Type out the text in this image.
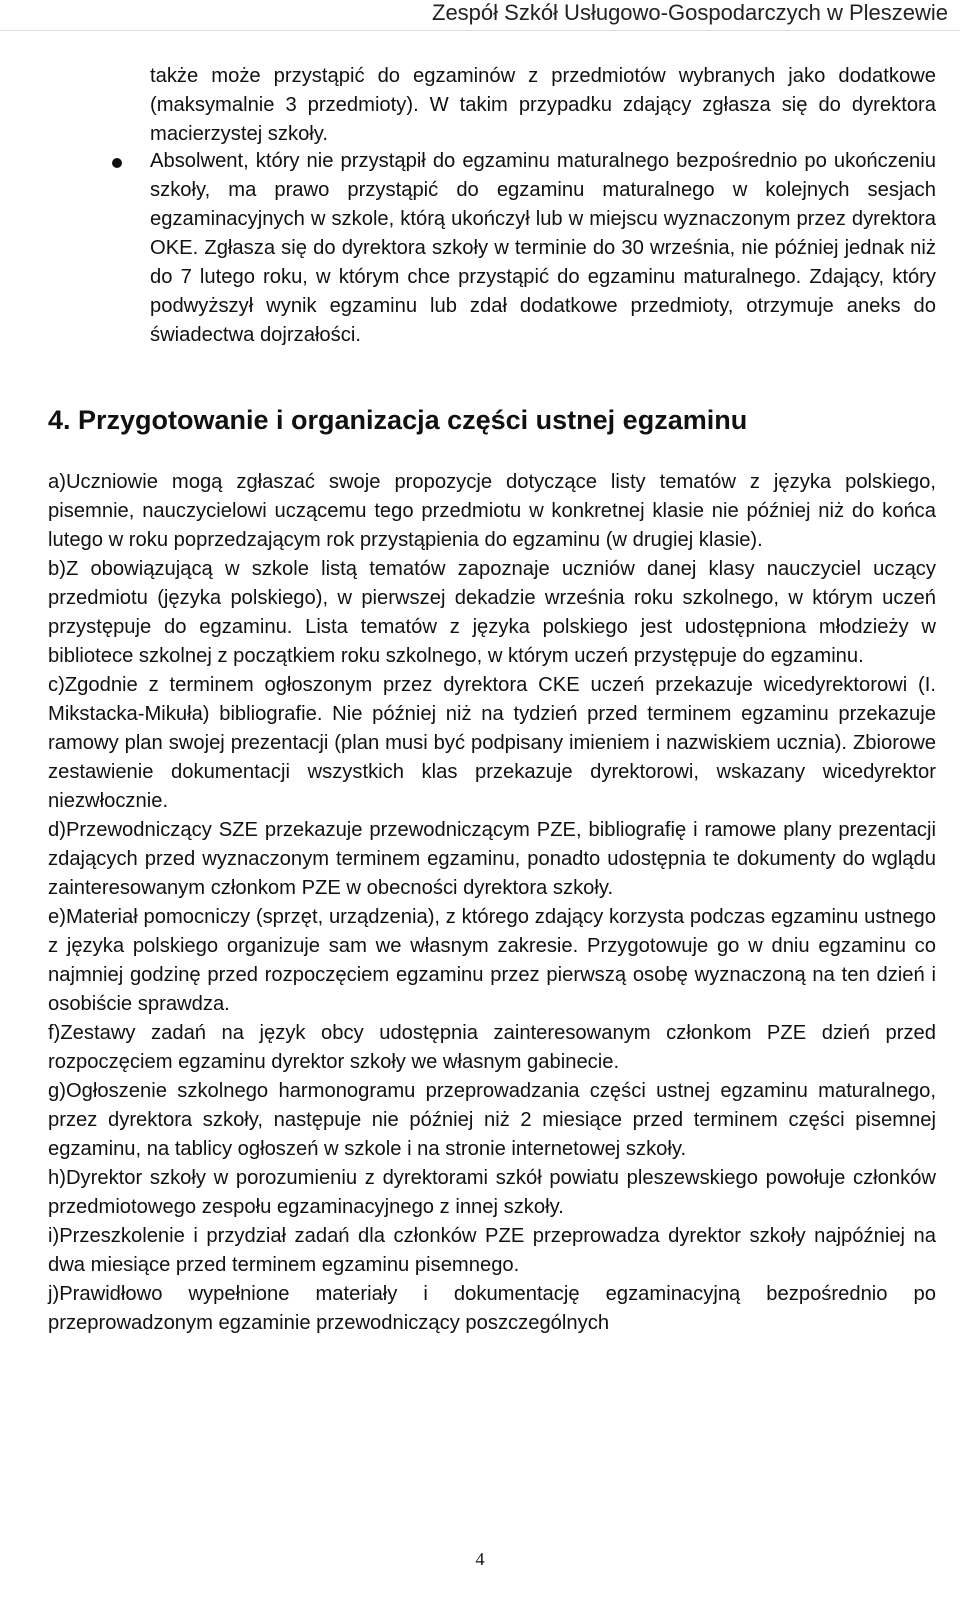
Zespół Szkół Usługowo-Gospodarczych w Pleszewie
także może przystąpić do egzaminów z przedmiotów wybranych jako dodatkowe (maksymalnie 3 przedmioty). W takim przypadku zdający zgłasza się do dyrektora macierzystej szkoły.
Absolwent, który nie przystąpił do egzaminu maturalnego bezpośrednio po ukończeniu szkoły, ma prawo przystąpić do egzaminu maturalnego w kolejnych sesjach egzaminacyjnych w szkole, którą ukończył lub w miejscu wyznaczonym przez dyrektora OKE. Zgłasza się do dyrektora szkoły w terminie do 30 września, nie później jednak niż do 7 lutego roku, w którym chce przystąpić do egzaminu maturalnego. Zdający, który podwyższył wynik egzaminu lub zdał dodatkowe przedmioty, otrzymuje aneks do świadectwa dojrzałości.
4. Przygotowanie i organizacja części ustnej egzaminu

a)Uczniowie mogą zgłaszać swoje propozycje dotyczące listy tematów z języka polskiego, pisemnie, nauczycielowi uczącemu tego przedmiotu w konkretnej klasie nie później niż do końca lutego w roku poprzedzającym rok przystąpienia do egzaminu (w drugiej klasie).

b)Z obowiązującą w szkole listą tematów zapoznaje uczniów danej klasy nauczyciel uczący przedmiotu (języka polskiego), w pierwszej dekadzie września roku szkolnego, w którym uczeń przystępuje do egzaminu. Lista tematów z języka polskiego jest udostępniona młodzieży w bibliotece szkolnej z początkiem roku szkolnego, w którym uczeń przystępuje do egzaminu.

c)Zgodnie z terminem ogłoszonym przez dyrektora CKE uczeń przekazuje wicedyrektorowi (I. Mikstacka-Mikuła) bibliografie. Nie później niż na tydzień przed terminem egzaminu przekazuje ramowy plan swojej prezentacji (plan musi być podpisany imieniem i nazwiskiem ucznia). Zbiorowe zestawienie dokumentacji wszystkich klas przekazuje dyrektorowi, wskazany wicedyrektor niezwłocznie.

d)Przewodniczący SZE przekazuje przewodniczącym PZE, bibliografię i ramowe plany prezentacji zdających przed wyznaczonym terminem egzaminu, ponadto udostępnia te dokumenty do wglądu zainteresowanym członkom PZE w obecności dyrektora szkoły.

e)Materiał pomocniczy (sprzęt, urządzenia), z którego zdający korzysta podczas egzaminu ustnego z języka polskiego organizuje sam we własnym zakresie. Przygotowuje go w dniu egzaminu co najmniej godzinę przed rozpoczęciem egzaminu przez pierwszą osobę wyznaczoną na ten dzień i osobiście sprawdza.

f)Zestawy zadań na język obcy udostępnia zainteresowanym członkom PZE dzień przed rozpoczęciem egzaminu dyrektor szkoły we własnym gabinecie.

g)Ogłoszenie szkolnego harmonogramu przeprowadzania części ustnej egzaminu maturalnego, przez dyrektora szkoły, następuje nie później niż 2 miesiące przed terminem części pisemnej egzaminu, na tablicy ogłoszeń w szkole i na stronie internetowej szkoły.

h)Dyrektor szkoły w porozumieniu z dyrektorami szkół powiatu pleszewskiego powołuje członków przedmiotowego zespołu egzaminacyjnego z innej szkoły.

i)Przeszkolenie i przydział zadań dla członków PZE przeprowadza dyrektor szkoły najpóźniej na dwa miesiące przed terminem egzaminu pisemnego.

j)Prawidłowo wypełnione materiały i dokumentację egzaminacyjną bezpośrednio po przeprowadzonym egzaminie przewodniczący poszczególnych

4
